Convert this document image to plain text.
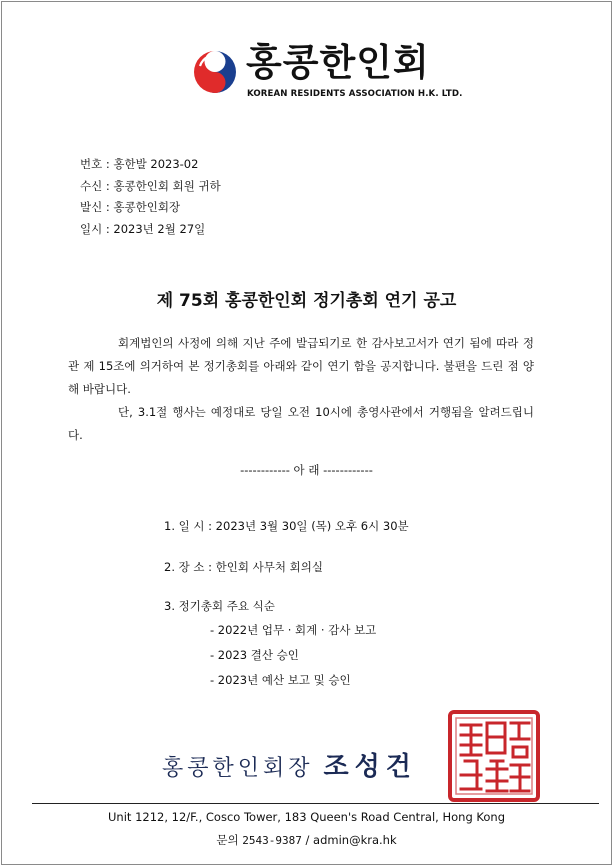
홍콩한인회
KOREAN RESIDENTS ASSOCIATION H.K. LTD.
번호 : 홍한발 2023-02
수신 : 홍콩한인회 회원 귀하
발신 : 홍콩한인회장
일시 : 2023년 2월 27일
제 75회 홍콩한인회 정기총회 연기 공고

회계법인의 사정에 의해 지난 주에 발급되기로 한 감사보고서가 연기 됨에 따라 정관 제 15조에 의거하여 본 정기총회를 아래와 같이 연기 함을 공지합니다. 불편을 드린 점 양해 바랍니다.

단, 3.1절 행사는 예정대로 당일 오전 10시에 총영사관에서 거행됨을 알려드립니다.

------------ 아 래 ------------
1. 일 시 : 2023년 3월 30일 (목) 오후 6시 30분
2. 장 소 : 한인회 사무처 회의실
3. 정기총회 주요 식순
- 2022년 업무 · 회계 · 감사 보고
- 2023 결산 승인
- 2023년 예산 보고 및 승인
홍콩한인회장 조성건
Unit 1212, 12/F., Cosco Tower, 183 Queen's Road Central, Hong Kong
문의 2543-9387 / admin@kra.hk
